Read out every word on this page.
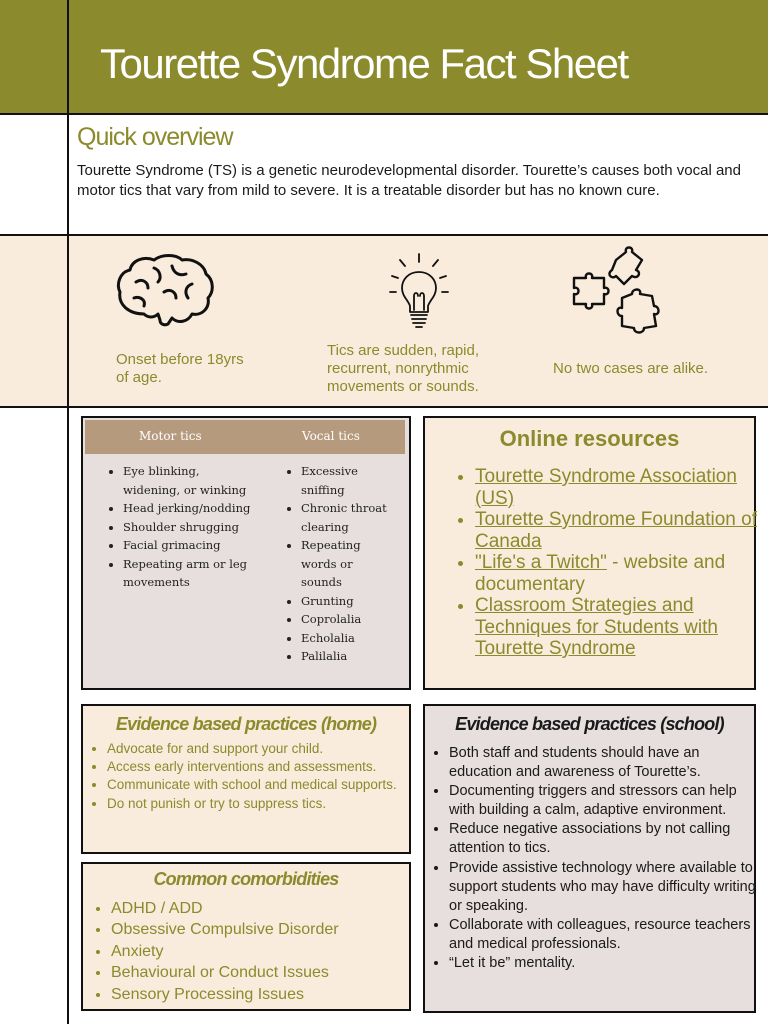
Tourette Syndrome Fact Sheet
Quick overview
Tourette Syndrome (TS) is a genetic neurodevelopmental disorder. Tourette’s causes both vocal and motor tics that vary from mild to severe. It is a treatable disorder but has no known cure.
Onset before 18yrs of age.
Tics are sudden, rapid, recurrent, nonrythmic movements or sounds.
No two cases are alike.
Motor tics	Vocal tics
• Eye blinking, widening, or winking
• Head jerking/nodding
• Shoulder shrugging
• Facial grimacing
• Repeating arm or leg movements
• Excessive sniffing
• Chronic throat clearing
• Repeating words or sounds
• Grunting
• Coprolalia
• Echolalia
• Palilalia
Online resources
• Tourette Syndrome Association (US)
• Tourette Syndrome Foundation of Canada
• "Life's a Twitch" - website and documentary
• Classroom Strategies and Techniques for Students with Tourette Syndrome
Evidence based practices (home)
• Advocate for and support your child.
• Access early interventions and assessments.
• Communicate with school and medical supports.
• Do not punish or try to suppress tics.
Common comorbidities
• ADHD / ADD
• Obsessive Compulsive Disorder
• Anxiety
• Behavioural or Conduct Issues
• Sensory Processing Issues
Evidence based practices (school)
• Both staff and students should have an education and awareness of Tourette’s.
• Documenting triggers and stressors can help with building a calm, adaptive environment.
• Reduce negative associations by not calling attention to tics.
• Provide assistive technology where available to support students who may have difficulty writing or speaking.
• Collaborate with colleagues, resource teachers and medical professionals.
• “Let it be” mentality.
